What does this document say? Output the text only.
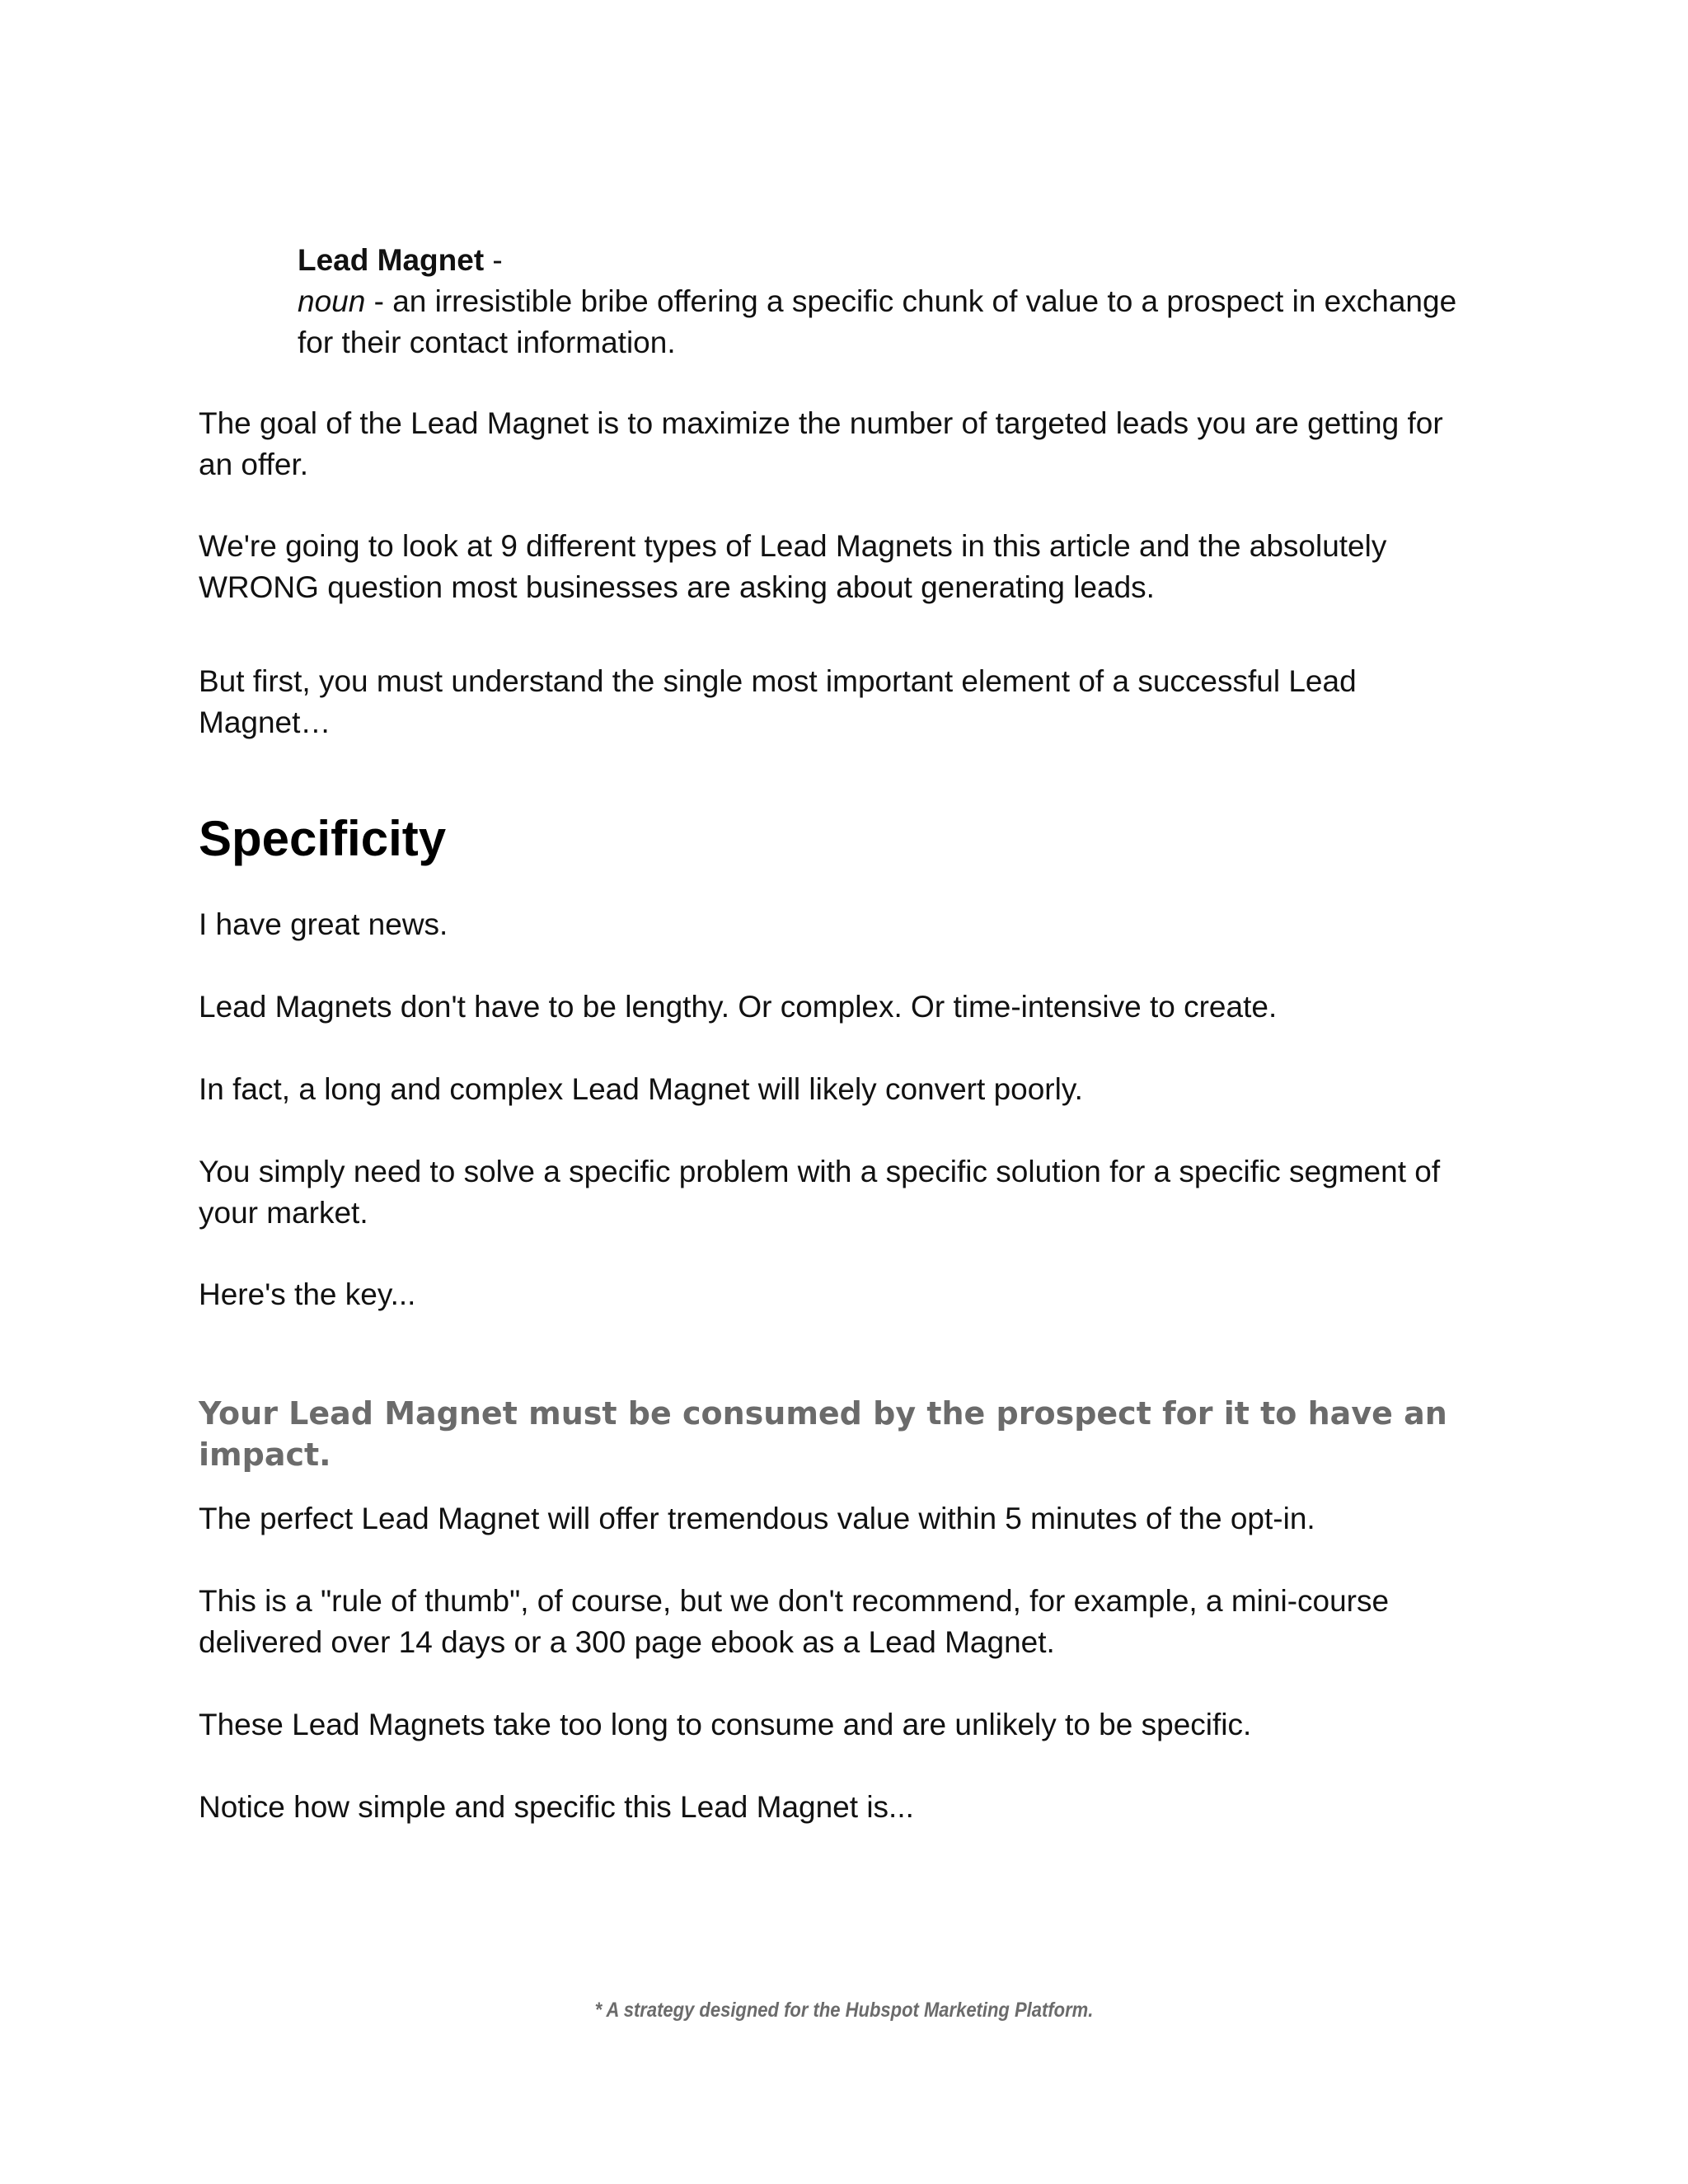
Lead Magnet -
noun - an irresistible bribe offering a specific chunk of value to a prospect in exchange for their contact information.

The goal of the Lead Magnet is to maximize the number of targeted leads you are getting for an offer.

We're going to look at 9 different types of Lead Magnets in this article and the absolutely WRONG question most businesses are asking about generating leads.

But first, you must understand the single most important element of a successful Lead Magnet…

Specificity

I have great news.

Lead Magnets don't have to be lengthy. Or complex. Or time-intensive to create.

In fact, a long and complex Lead Magnet will likely convert poorly.

You simply need to solve a specific problem with a specific solution for a specific segment of your market.

Here's the key...

Your Lead Magnet must be consumed by the prospect for it to have an impact.

The perfect Lead Magnet will offer tremendous value within 5 minutes of the opt-in.

This is a "rule of thumb", of course, but we don't recommend, for example, a mini-course delivered over 14 days or a 300 page ebook as a Lead Magnet.

These Lead Magnets take too long to consume and are unlikely to be specific.

Notice how simple and specific this Lead Magnet is...

* A strategy designed for the Hubspot Marketing Platform.
